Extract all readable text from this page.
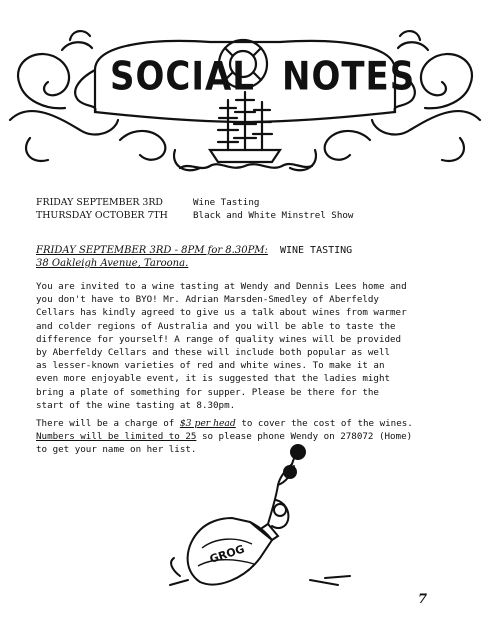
SOCIAL NOTES
FRIDAY SEPTEMBER 3RD	Wine Tasting
THURSDAY OCTOBER 7TH	Black and White Minstrel Show
FRIDAY SEPTEMBER 3RD - 8PM for 8.30PM: WINE TASTING
38 Oakleigh Avenue, Taroona.
You are invited to a wine tasting at Wendy and Dennis Lees home and
you don't have to BYO! Mr. Adrian Marsden-Smedley of Aberfeldy
Cellars has kindly agreed to give us a talk about wines from warmer
and colder regions of Australia and you will be able to taste the
difference for yourself! A range of quality wines will be provided
by Aberfeldy Cellars and these will include both popular as well
as lesser-known varieties of red and white wines. To make it an
even more enjoyable event, it is suggested that the ladies might
bring a plate of something for supper. Please be there for the
start of the wine tasting at 8.30pm.
There will be a charge of $3 per head to cover the cost of the wines.
Numbers will be limited to 25 so please phone Wendy on 278072 (Home)
to get your name on her list.
GROG
7
